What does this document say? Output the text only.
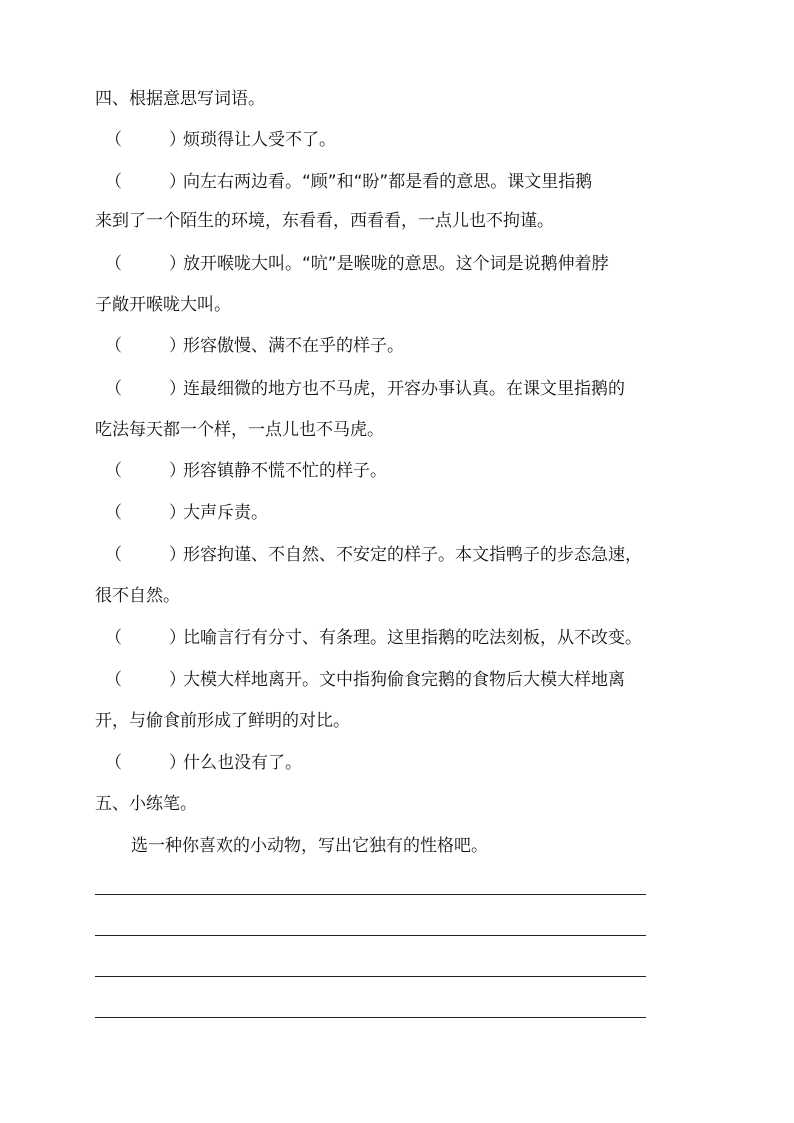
四、根据意思写词语。
（	）烦琐得让人受不了。
（	）向左右两边看。“顾”和“盼”都是看的意思。课文里指鹅
来到了一个陌生的环境，东看看，西看看，一点儿也不拘谨。
（	）放开喉咙大叫。“吭”是喉咙的意思。这个词是说鹅伸着脖
子敞开喉咙大叫。
（	）形容傲慢、满不在乎的样子。
（	）连最细微的地方也不马虎，开容办事认真。在课文里指鹅的
吃法每天都一个样，一点儿也不马虎。
（	）形容镇静不慌不忙的样子。
（	）大声斥责。
（	）形容拘谨、不自然、不安定的样子。本文指鸭子的步态急速，
很不自然。
（	）比喻言行有分寸、有条理。这里指鹅的吃法刻板，从不改变。
（	）大模大样地离开。文中指狗偷食完鹅的食物后大模大样地离
开，与偷食前形成了鲜明的对比。
（	）什么也没有了。
五、小练笔。
选一种你喜欢的小动物，写出它独有的性格吧。
